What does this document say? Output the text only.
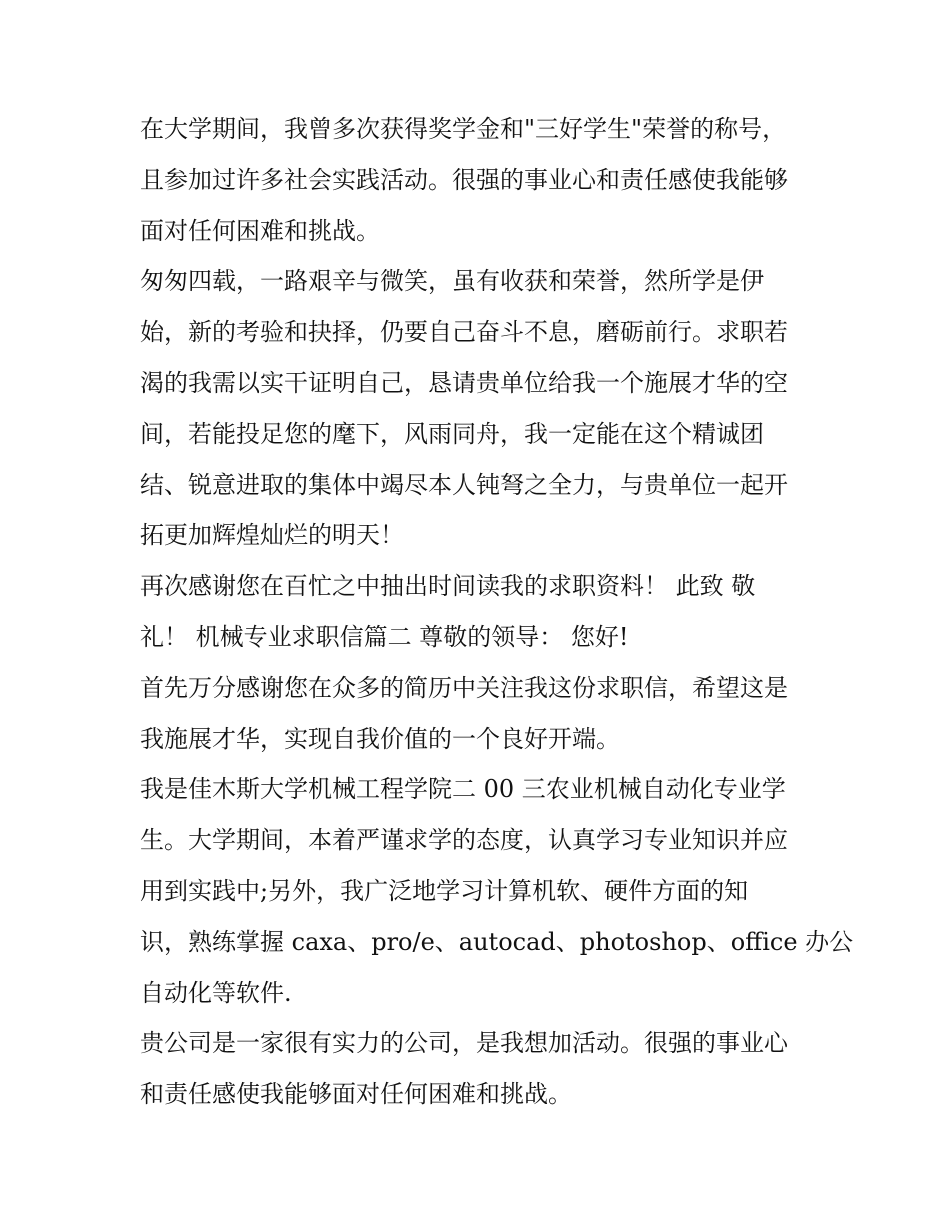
在大学期间，我曾多次获得奖学金和"三好学生"荣誉的称号，
且参加过许多社会实践活动。很强的事业心和责任感使我能够
面对任何困难和挑战。
匆匆四载，一路艰辛与微笑，虽有收获和荣誉，然所学是伊
始，新的考验和抉择，仍要自己奋斗不息，磨砺前行。求职若
渴的我需以实干证明自己，恳请贵单位给我一个施展才华的空
间，若能投足您的麾下，风雨同舟，我一定能在这个精诚团
结、锐意进取的集体中竭尽本人钝弩之全力，与贵单位一起开
拓更加辉煌灿烂的明天！
再次感谢您在百忙之中抽出时间读我的求职资料！ 此致 敬
礼！ 机械专业求职信篇二 尊敬的领导： 您好!
首先万分感谢您在众多的简历中关注我这份求职信，希望这是
我施展才华，实现自我价值的一个良好开端。
我是佳木斯大学机械工程学院二 00 三农业机械自动化专业学
生。大学期间，本着严谨求学的态度，认真学习专业知识并应
用到实践中;另外，我广泛地学习计算机软、硬件方面的知
识，熟练掌握 caxa、pro/e、autocad、photoshop、office 办公
自动化等软件.
贵公司是一家很有实力的公司，是我想加活动。很强的事业心
和责任感使我能够面对任何困难和挑战。
